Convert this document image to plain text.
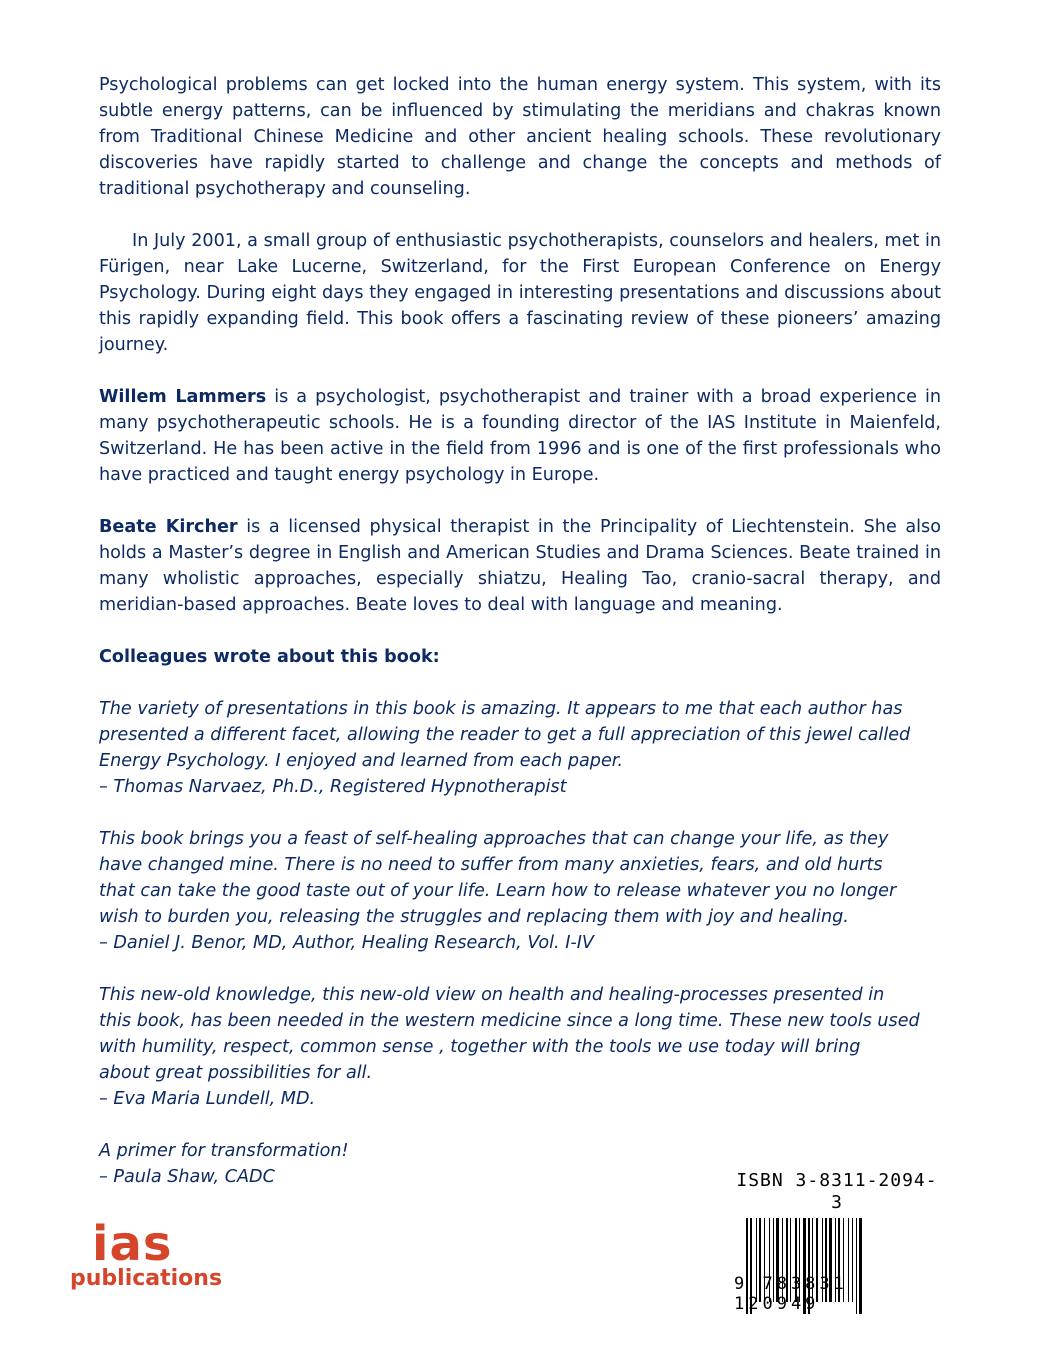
Psychological problems can get locked into the human energy system. This system, with its subtle energy patterns, can be influenced by stimulating the meridians and chakras known from Traditional Chinese Medicine and other ancient healing schools. These revolutionary discoveries have rapidly started to challenge and change the concepts and methods of traditional psychotherapy and counseling.

In July 2001, a small group of enthusiastic psychotherapists, counselors and healers, met in Fürigen, near Lake Lucerne, Switzerland, for the First European Conference on Energy Psychology. During eight days they engaged in interesting presentations and discussions about this rapidly expanding field. This book offers a fascinating review of these pioneers’ amazing journey.

Willem Lammers is a psychologist, psychotherapist and trainer with a broad experience in many psychotherapeutic schools. He is a founding director of the IAS Institute in Maienfeld, Switzerland. He has been active in the field from 1996 and is one of the first professionals who have practiced and taught energy psychology in Europe.

Beate Kircher is a licensed physical therapist in the Principality of Liechtenstein. She also holds a Master’s degree in English and American Studies and Drama Sciences. Beate trained in many wholistic approaches, especially shiatzu, Healing Tao, cranio-sacral therapy, and meridian-based approaches. Beate loves to deal with language and meaning.

Colleagues wrote about this book:

The variety of presentations in this book is amazing. It appears to me that each author has

presented a different facet, allowing the reader to get a full appreciation of this jewel called

Energy Psychology. I enjoyed and learned from each paper.

– Thomas Narvaez, Ph.D., Registered Hypnotherapist

This book brings you a feast of self-healing approaches that can change your life, as they

have changed mine. There is no need to suffer from many anxieties, fears, and old hurts

that can take the good taste out of your life. Learn how to release whatever you no longer

wish to burden you, releasing the struggles and replacing them with joy and healing.

– Daniel J. Benor, MD, Author, Healing Research, Vol. I-IV

This new-old knowledge, this new-old view on health and healing-processes presented in

this book, has been needed in the western medicine since a long time. These new tools used

with humility, respect, common sense , together with the tools we use today will bring

about great possibilities for all.

– Eva Maria Lundell, MD.

A primer for transformation!

– Paula Shaw, CADC

ias
publications
ISBN 3-8311-2094-3
9 783831 120949
